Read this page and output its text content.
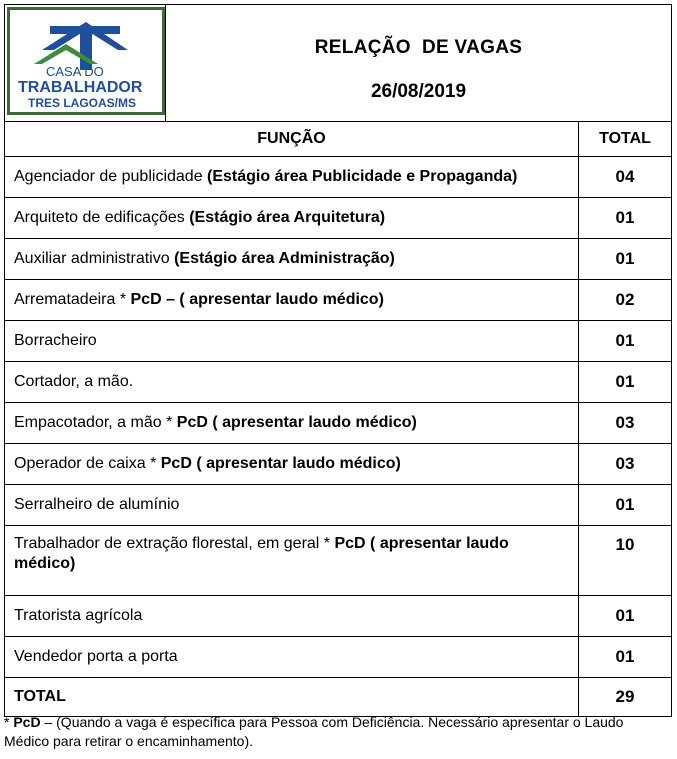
CASA DO
TRABALHADOR
TRES LAGOAS/MS
RELAÇÃO  DE VAGAS
26/08/2019	

FUNÇÃO	TOTAL
Agenciador de publicidade (Estágio área Publicidade e Propaganda)	04
Arquiteto de edificações (Estágio área Arquitetura)	01
Auxiliar administrativo (Estágio área Administração)	01
Arrematadeira * PcD – ( apresentar laudo médico)	02
Borracheiro	01
Cortador, a mão.	01
Empacotador, a mão * PcD ( apresentar laudo médico)	03
Operador de caixa * PcD ( apresentar laudo médico)	03
Serralheiro de alumínio	01
Trabalhador de extração florestal, em geral * PcD ( apresentar laudo médico)	10
Tratorista agrícola	01
Vendedor porta a porta	01
TOTAL	29
* PcD – (Quando a vaga é específica para Pessoa com Deficiência. Necessário apresentar o Laudo Médico para retirar o encaminhamento).
